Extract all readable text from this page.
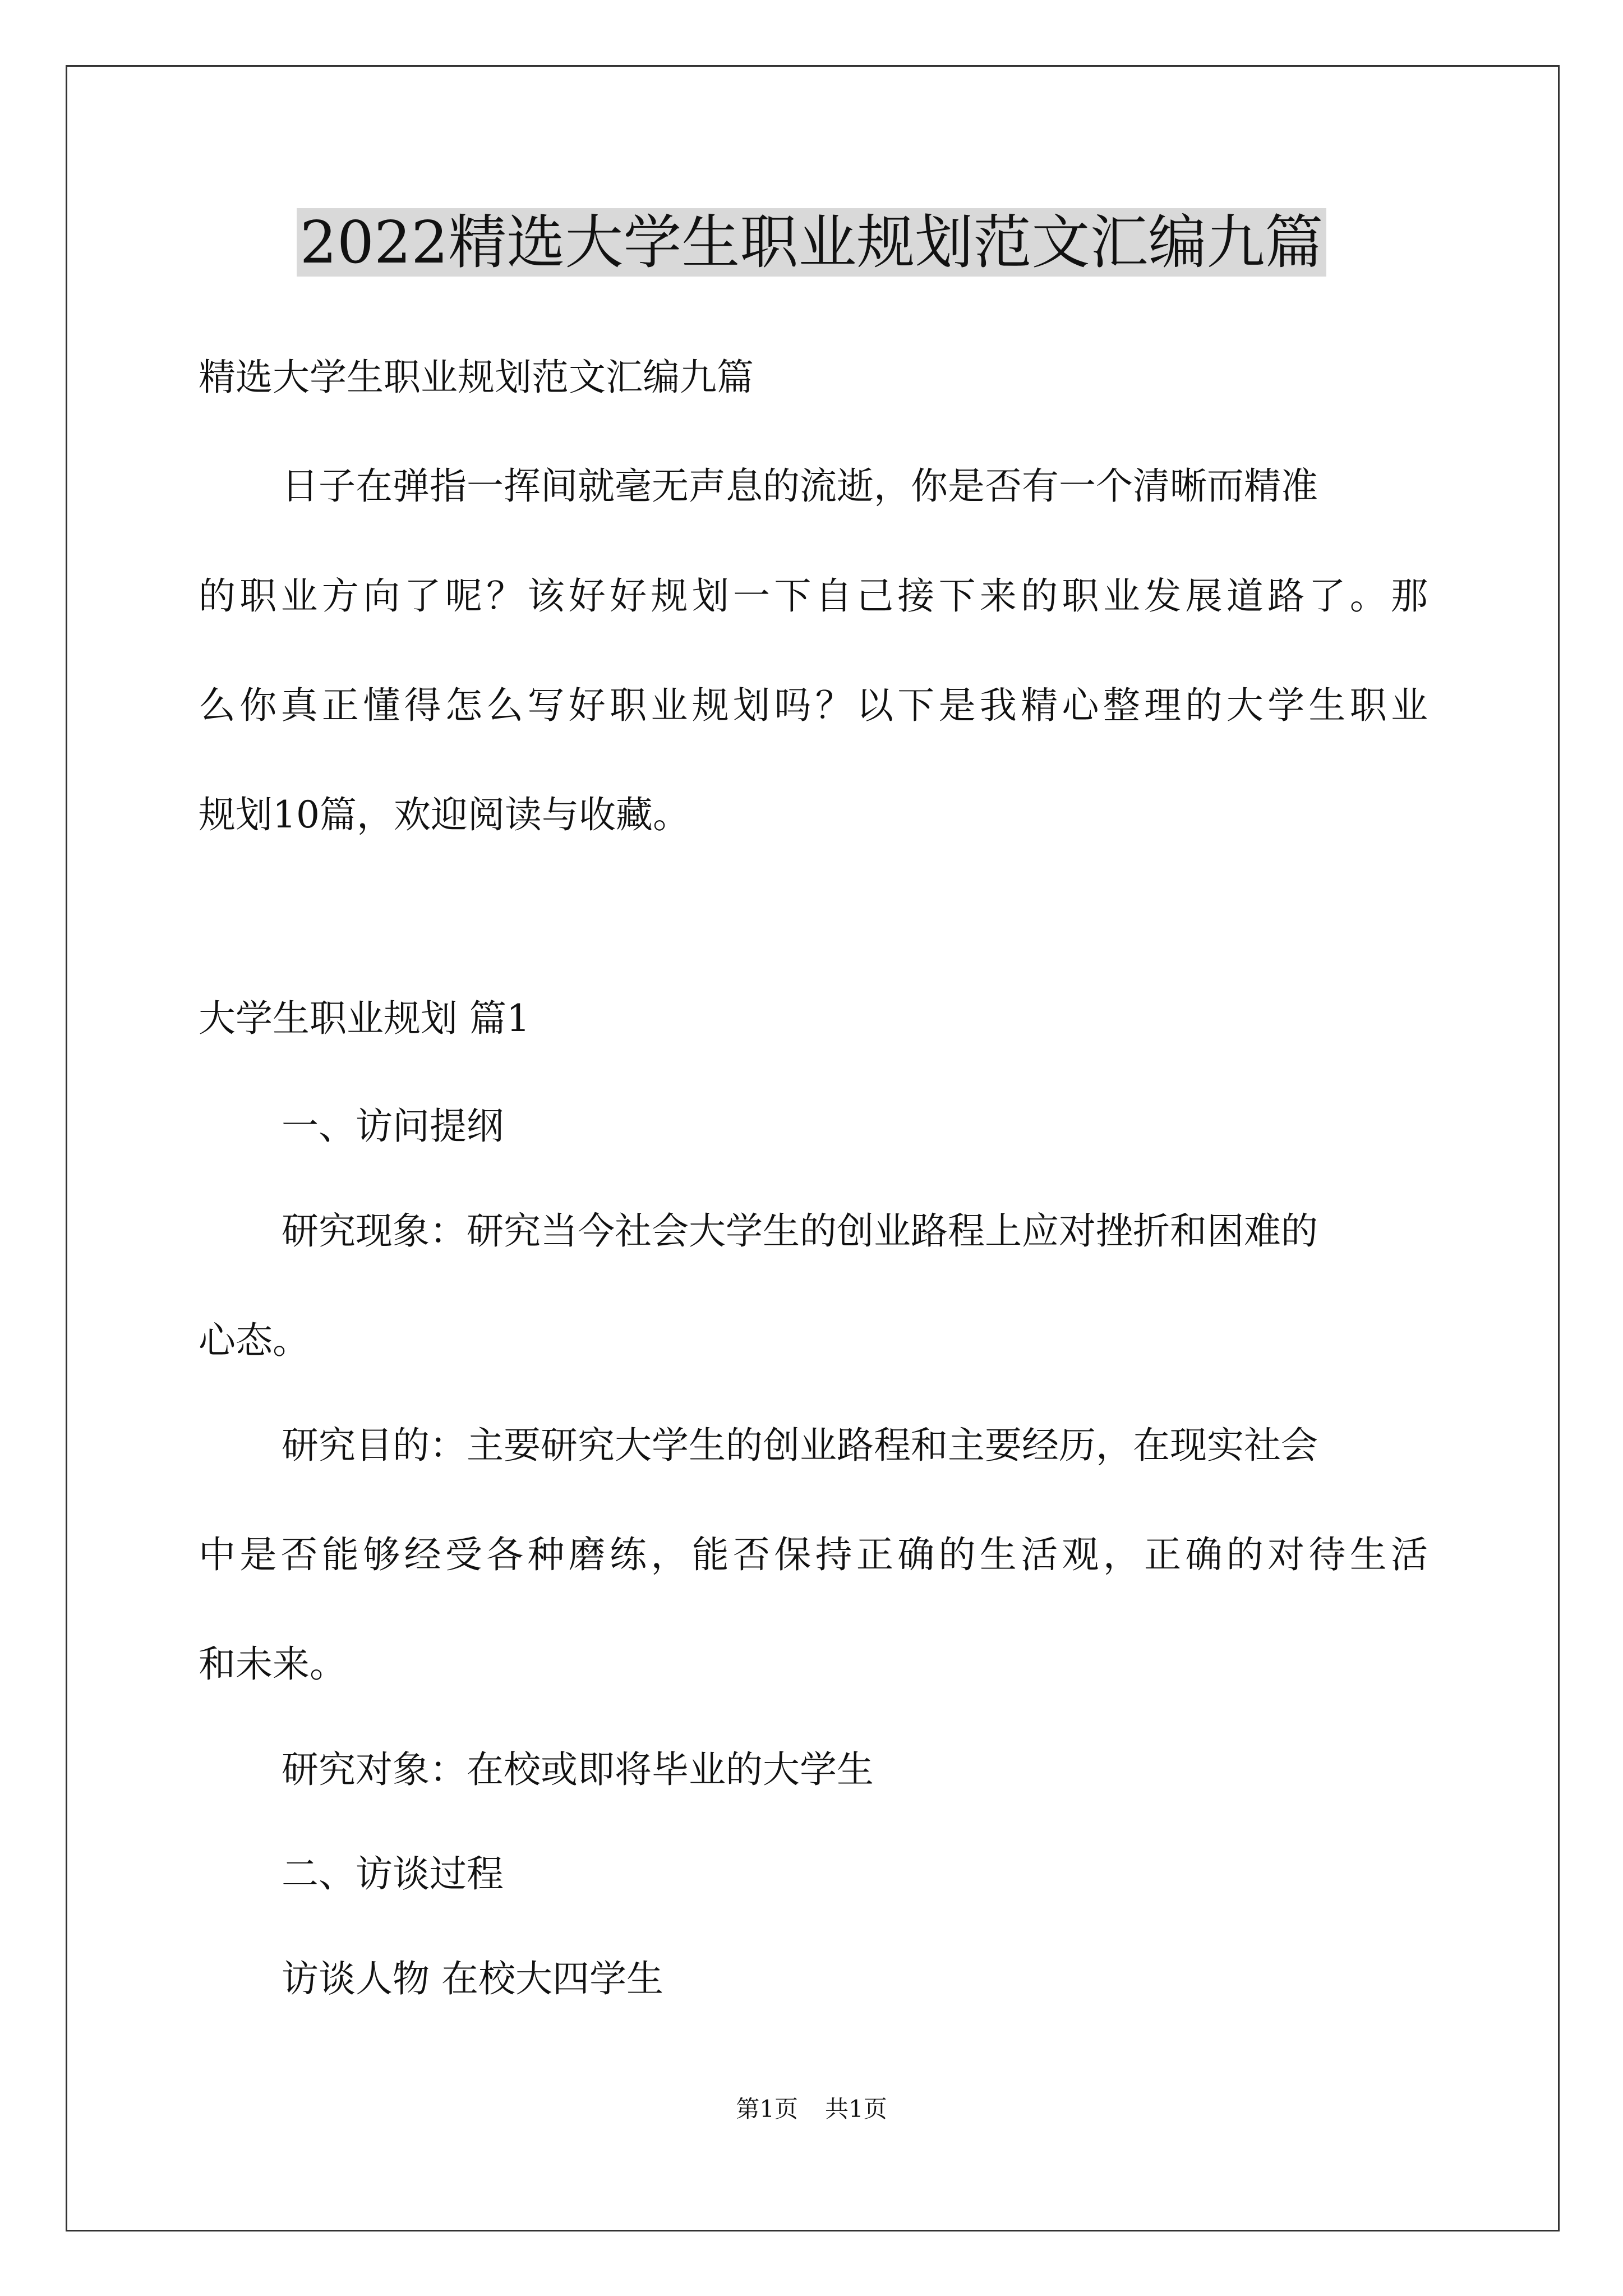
2022精选大学生职业规划范文汇编九篇
精选大学生职业规划范文汇编九篇
日子在弹指一挥间就毫无声息的流逝，你是否有一个清晰而精准
的职业方向了呢？该好好规划一下自己接下来的职业发展道路了。那
么你真正懂得怎么写好职业规划吗？以下是我精心整理的大学生职业
规划10篇，欢迎阅读与收藏。
大学生职业规划 篇1
一、访问提纲
研究现象：研究当今社会大学生的创业路程上应对挫折和困难的
心态。
研究目的：主要研究大学生的创业路程和主要经历，在现实社会
中是否能够经受各种磨练，能否保持正确的生活观，正确的对待生活
和未来。
研究对象：在校或即将毕业的大学生
二、访谈过程
访谈人物 在校大四学生
第1页 共1页
